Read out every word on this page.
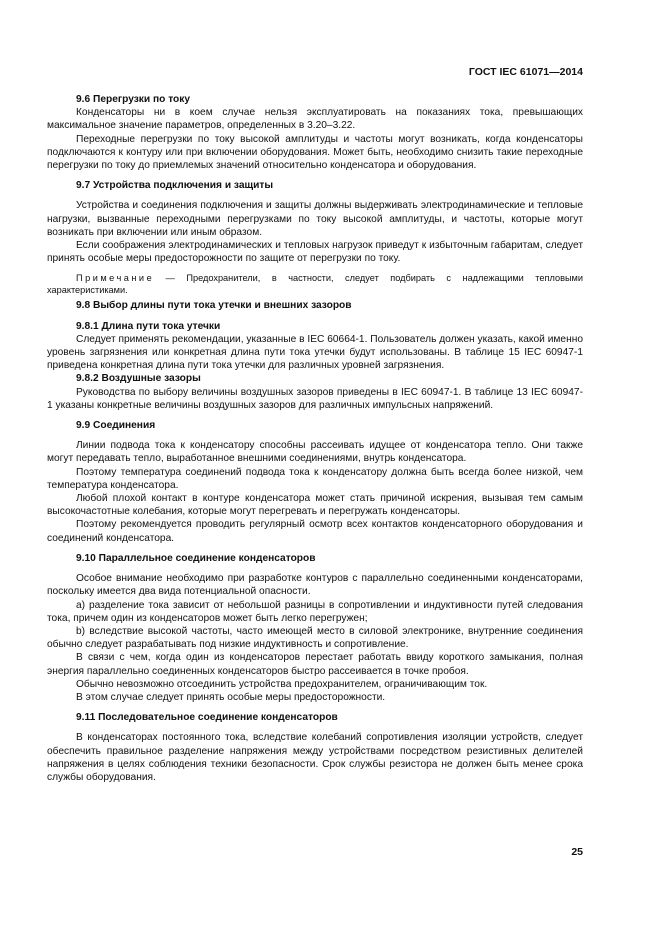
ГОСТ IEC 61071—2014
9.6 Перегрузки по току

Конденсаторы ни в коем случае нельзя эксплуатировать на показаниях тока, превышающих максимальное значение параметров, определенных в 3.20–3.22.

Переходные перегрузки по току высокой амплитуды и частоты могут возникать, когда конденсаторы подключаются к контуру или при включении оборудования. Может быть, необходимо снизить такие переходные перегрузки по току до приемлемых значений относительно конденсатора и оборудования.

9.7 Устройства подключения и защиты

Устройства и соединения подключения и защиты должны выдерживать электродинамические и тепловые нагрузки, вызванные переходными перегрузками по току высокой амплитуды, и частоты, которые могут возникать при включении или иным образом.

Если соображения электродинамических и тепловых нагрузок приведут к избыточным габаритам, следует принять особые меры предосторожности по защите от перегрузки по току.

Примечание — Предохранители, в частности, следует подбирать с надлежащими тепловыми характеристиками.

9.8 Выбор длины пути тока утечки и внешних зазоров
9.8.1 Длина пути тока утечки

Следует применять рекомендации, указанные в IEC 60664-1. Пользователь должен указать, какой именно уровень загрязнения или конкретная длина пути тока утечки будут использованы. В таблице 15 IEC 60947-1 приведена конкретная длина пути тока утечки для различных уровней загрязнения.

9.8.2 Воздушные зазоры

Руководства по выбору величины воздушных зазоров приведены в IEC 60947-1. В таблице 13 IEC 60947-1 указаны конкретные величины воздушных зазоров для различных импульсных напряжений.

9.9 Соединения

Линии подвода тока к конденсатору способны рассеивать идущее от конденсатора тепло. Они также могут передавать тепло, выработанное внешними соединениями, внутрь конденсатора.

Поэтому температура соединений подвода тока к конденсатору должна быть всегда более низкой, чем температура конденсатора.

Любой плохой контакт в контуре конденсатора может стать причиной искрения, вызывая тем самым высокочастотные колебания, которые могут перегревать и перегружать конденсаторы.

Поэтому рекомендуется проводить регулярный осмотр всех контактов конденсаторного оборудования и соединений конденсатора.

9.10 Параллельное соединение конденсаторов

Особое внимание необходимо при разработке контуров с параллельно соединенными конденсаторами, поскольку имеется два вида потенциальной опасности.

a) разделение тока зависит от небольшой разницы в сопротивлении и индуктивности путей следования тока, причем один из конденсаторов может быть легко перегружен;

b) вследствие высокой частоты, часто имеющей место в силовой электронике, внутренние соединения обычно следует разрабатывать под низкие индуктивность и сопротивление.

В связи с чем, когда один из конденсаторов перестает работать ввиду короткого замыкания, полная энергия параллельно соединенных конденсаторов быстро рассеивается в точке пробоя.

Обычно невозможно отсоединить устройства предохранителем, ограничивающим ток.

В этом случае следует принять особые меры предосторожности.

9.11 Последовательное соединение конденсаторов

В конденсаторах постоянного тока, вследствие колебаний сопротивления изоляции устройств, следует обеспечить правильное разделение напряжения между устройствами посредством резистивных делителей напряжения в целях соблюдения техники безопасности. Срок службы резистора не должен быть менее срока службы оборудования.

25
